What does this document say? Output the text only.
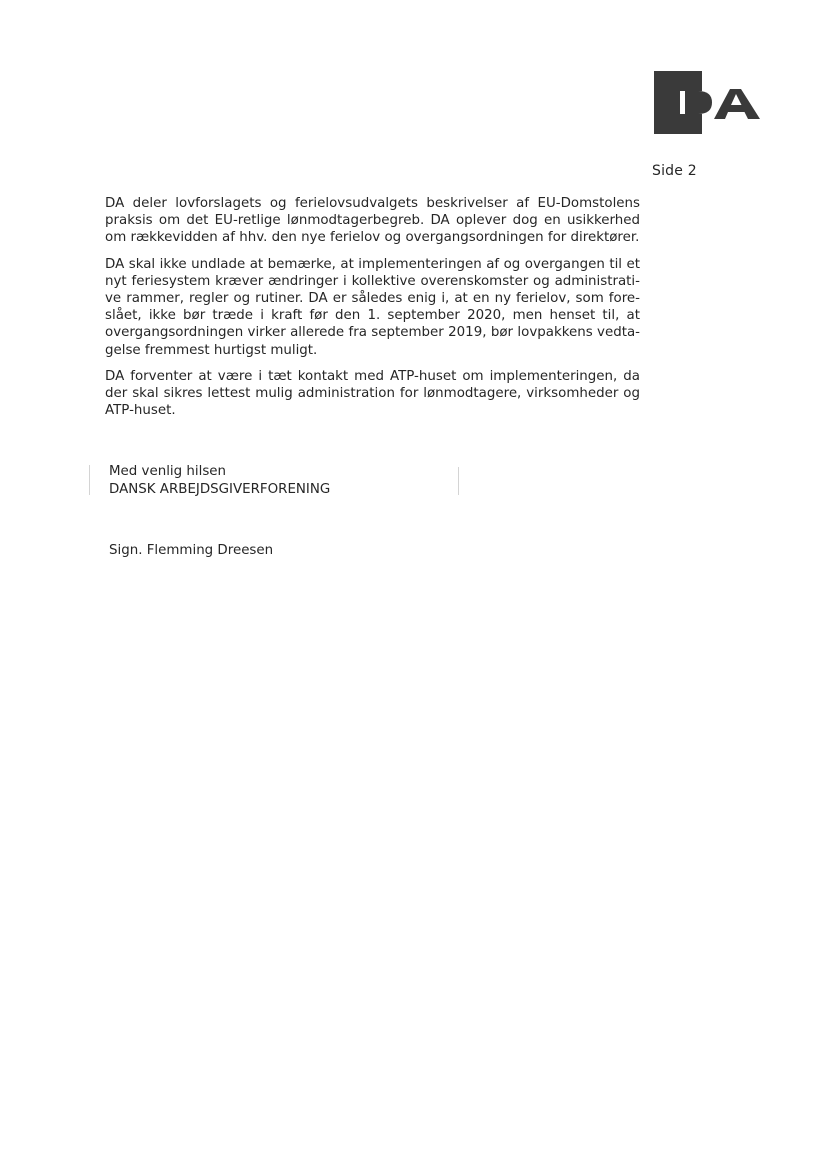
Side 2

DA deler lovforslagets og ferielovsudvalgets beskrivelser af EU-Domstolens
praksis om det EU-retlige lønmodtagerbegreb. DA oplever dog en usikkerhed
om rækkevidden af hhv. den nye ferielov og overgangsordningen for direktører.

DA skal ikke undlade at bemærke, at implementeringen af og overgangen til et
nyt feriesystem kræver ændringer i kollektive overenskomster og administrati-
ve rammer, regler og rutiner. DA er således enig i, at en ny ferielov, som fore-
slået, ikke bør træde i kraft før den 1. september 2020, men henset til, at
overgangsordningen virker allerede fra september 2019, bør lovpakkens vedta-
gelse fremmest hurtigst muligt.

DA forventer at være i tæt kontakt med ATP-huset om implementeringen, da
der skal sikres lettest mulig administration for lønmodtagere, virksomheder og
ATP-huset.

Med venlig hilsen
DANSK ARBEJDSGIVERFORENING
Sign. Flemming Dreesen
